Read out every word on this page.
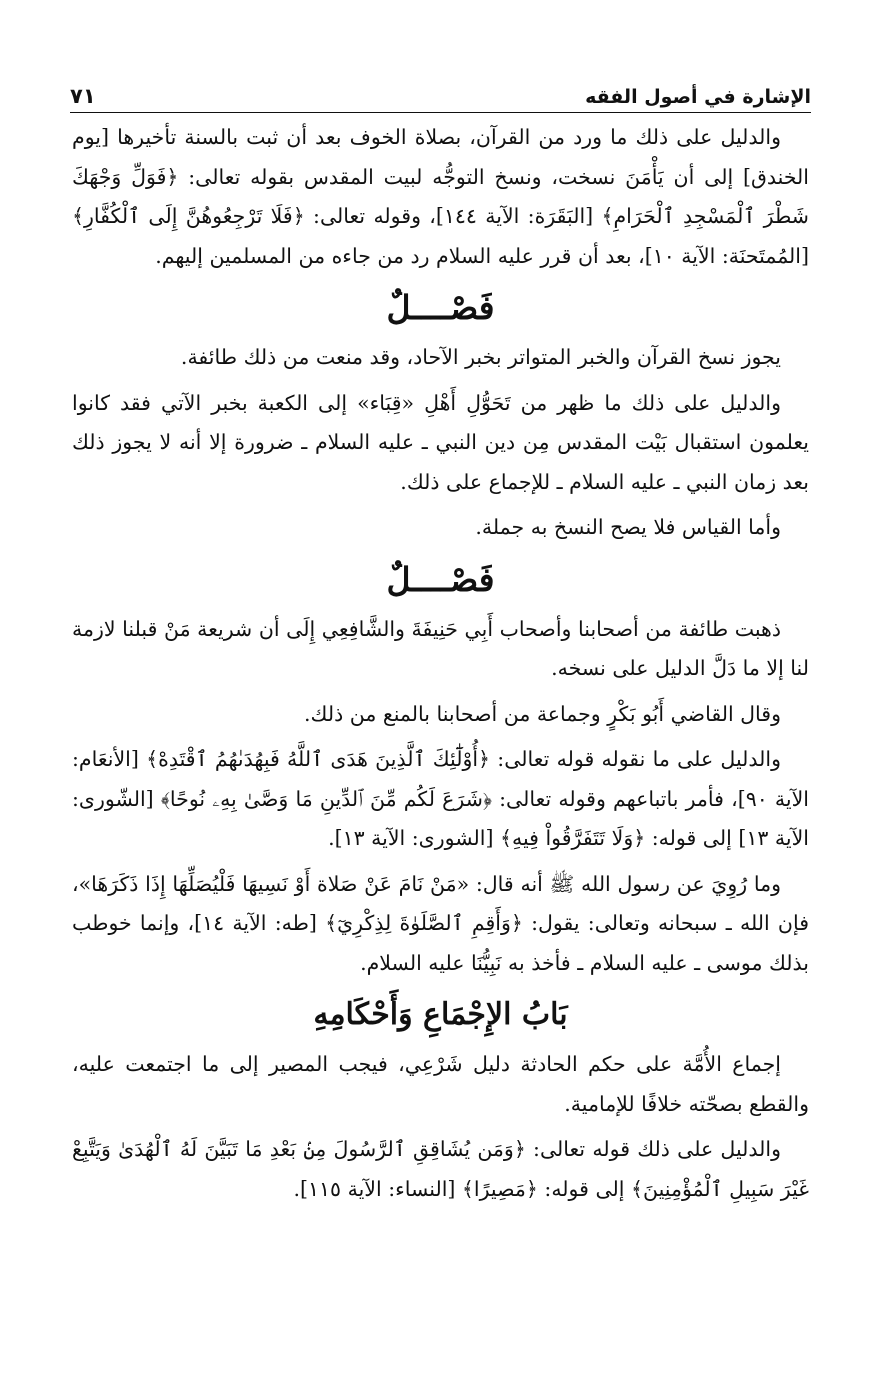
الإشارة في أصول الفقه
٧١

والدليل على ذلك ما ورد من القرآن، بصلاة الخوف بعد أن ثبت بالسنة تأخيرها [يوم الخندق] إلى أن يَأْمَنَ نسخت، ونسخ التوجُّه لبيت المقدس بقوله تعالى: ﴿فَوَلِّ وَجْهَكَ شَطْرَ ٱلْمَسْجِدِ ٱلْحَرَامِ﴾ [البَقَرَة: الآية ١٤٤]، وقوله تعالى: ﴿فَلَا تَرْجِعُوهُنَّ إِلَى ٱلْكُفَّارِ﴾ [المُمتَحنَة: الآية ١٠]، بعد أن قرر عليه السلام رد من جاءه من المسلمين إليهم.

فَصْــــلٌ

يجوز نسخ القرآن والخبر المتواتر بخبر الآحاد، وقد منعت من ذلك طائفة.

والدليل على ذلك ما ظهر من تَحَوُّلِ أَهْلِ «قِبَاء» إلى الكعبة بخبر الآتي فقد كانوا يعلمون استقبال بَيْت المقدس مِن دين النبي ـ عليه السلام ـ ضرورة إلا أنه لا يجوز ذلك بعد زمان النبي ـ عليه السلام ـ للإجماع على ذلك.

وأما القياس فلا يصح النسخ به جملة.

فَصْــــلٌ

ذهبت طائفة من أصحابنا وأصحاب أَبِي حَنِيفَةَ والشَّافِعِي إِلَى أن شريعة مَنْ قبلنا لازمة لنا إلا ما دَلَّ الدليل على نسخه.

وقال القاضي أَبُو بَكْرٍ وجماعة من أصحابنا بالمنع من ذلك.

والدليل على ما نقوله قوله تعالى: ﴿أُوْلَٰٓئِكَ ٱلَّذِينَ هَدَى ٱللَّهُ فَبِهُدَىٰهُمُ ٱقْتَدِهْ﴾ [الأنعَام: الآية ٩٠]، فأمر باتباعهم وقوله تعالى: ﴿شَرَعَ لَكُم مِّنَ ٱلدِّينِ مَا وَصَّىٰ بِهِۦ نُوحًا﴾ [الشّورى: الآية ١٣] إلى قوله: ﴿وَلَا تَتَفَرَّقُواْ فِيهِ﴾ [الشورى: الآية ١٣].

وما رُوِيَ عن رسول الله ﷺ أنه قال: «مَنْ نَامَ عَنْ صَلاة أَوْ نَسِيهَا فَلْيُصَلِّهَا إِذَا ذَكَرَهَا»، فإن الله ـ سبحانه وتعالى: يقول: ﴿وَأَقِمِ ٱلصَّلَوٰةَ لِذِكْرِيٓ﴾ [طه: الآية ١٤]، وإنما خوطب بذلك موسى ـ عليه السلام ـ فأخذ به نَبِيُّنَا عليه السلام.

بَابُ الإِجْمَاعِ وَأَحْكَامِهِ

إجماع الأُمَّة على حكم الحادثة دليل شَرْعِي، فيجب المصير إلى ما اجتمعت عليه، والقطع بصحّته خلافًا للإمامية.

والدليل على ذلك قوله تعالى: ﴿وَمَن يُشَاقِقِ ٱلرَّسُولَ مِنۢ بَعْدِ مَا تَبَيَّنَ لَهُ ٱلْهُدَىٰ وَيَتَّبِعْ غَيْرَ سَبِيلِ ٱلْمُؤْمِنِينَ﴾ إلى قوله: ﴿مَصِيرًا﴾ [النساء: الآية ١١٥].
